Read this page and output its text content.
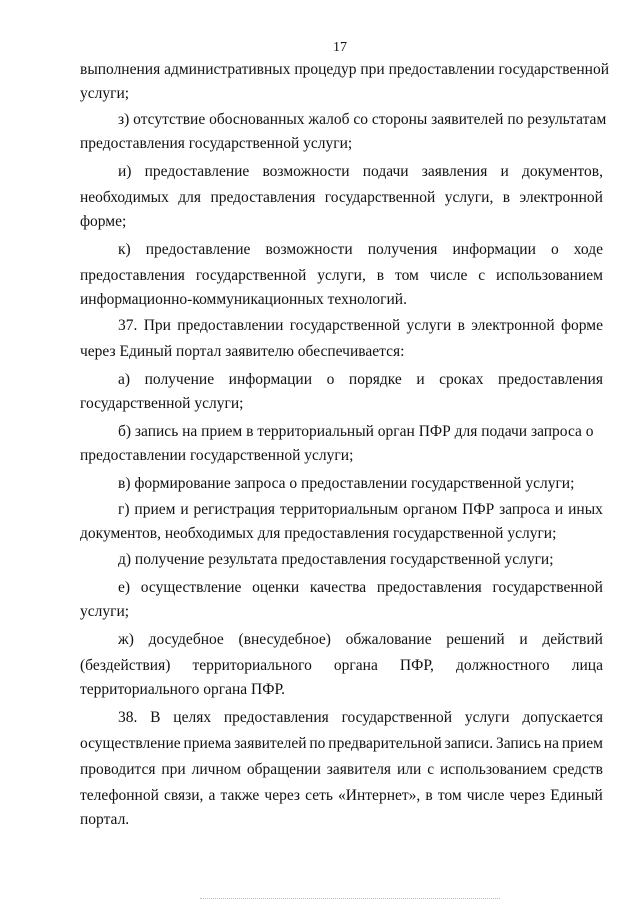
17
выполнения административных процедур при предоставлении государственной
услуги;
з) отсутствие обоснованных жалоб со стороны заявителей по результатам
предоставления государственной услуги;
и) предоставление возможности подачи заявления и документов,
необходимых для предоставления государственной услуги, в электронной
форме;
к) предоставление возможности получения информации о ходе
предоставления государственной услуги, в том числе с использованием
информационно-коммуникационных технологий.
37. При предоставлении государственной услуги в электронной форме
через Единый портал заявителю обеспечивается:
а) получение информации о порядке и сроках предоставления
государственной услуги;
б) запись на прием в территориальный орган ПФР для подачи запроса о
предоставлении государственной услуги;
в) формирование запроса о предоставлении государственной услуги;
г) прием и регистрация территориальным органом ПФР запроса и иных
документов, необходимых для предоставления государственной услуги;
д) получение результата предоставления государственной услуги;
е) осуществление оценки качества предоставления государственной
услуги;
ж) досудебное (внесудебное) обжалование решений и действий
(бездействия) территориального органа ПФР, должностного лица
территориального органа ПФР.
38. В целях предоставления государственной услуги допускается
осуществление приема заявителей по предварительной записи. Запись на прием
проводится при личном обращении заявителя или с использованием средств
телефонной связи, а также через сеть «Интернет», в том числе через Единый
портал.
